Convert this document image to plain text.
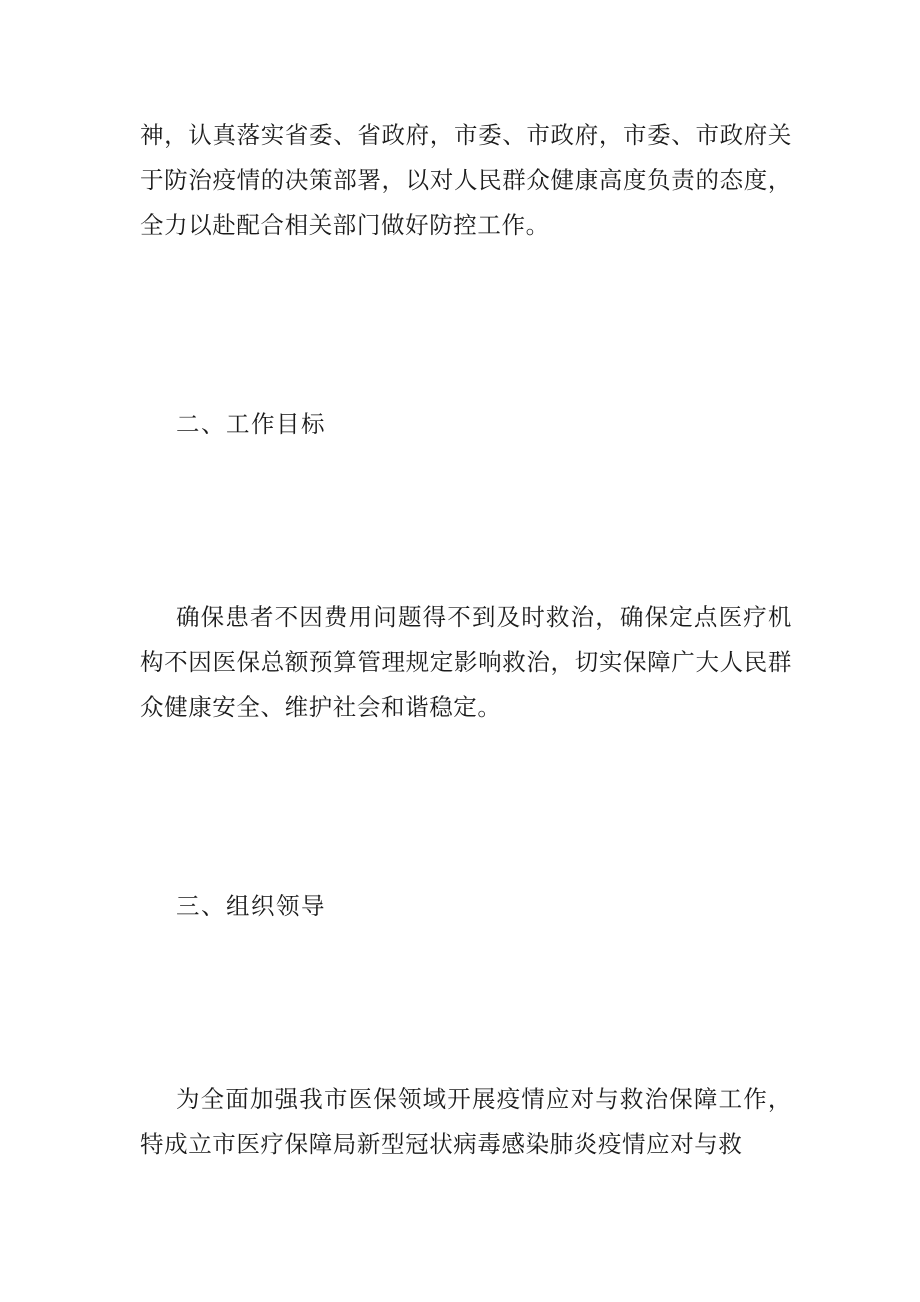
神，认真落实省委、省政府，市委、市政府，市委、市政府关于防治疫情的决策部署，以对人民群众健康高度负责的态度，全力以赴配合相关部门做好防控工作。

二、工作目标

确保患者不因费用问题得不到及时救治，确保定点医疗机构不因医保总额预算管理规定影响救治，切实保障广大人民群众健康安全、维护社会和谐稳定。

三、组织领导

为全面加强我市医保领域开展疫情应对与救治保障工作，特成立市医疗保障局新型冠状病毒感染肺炎疫情应对与救
